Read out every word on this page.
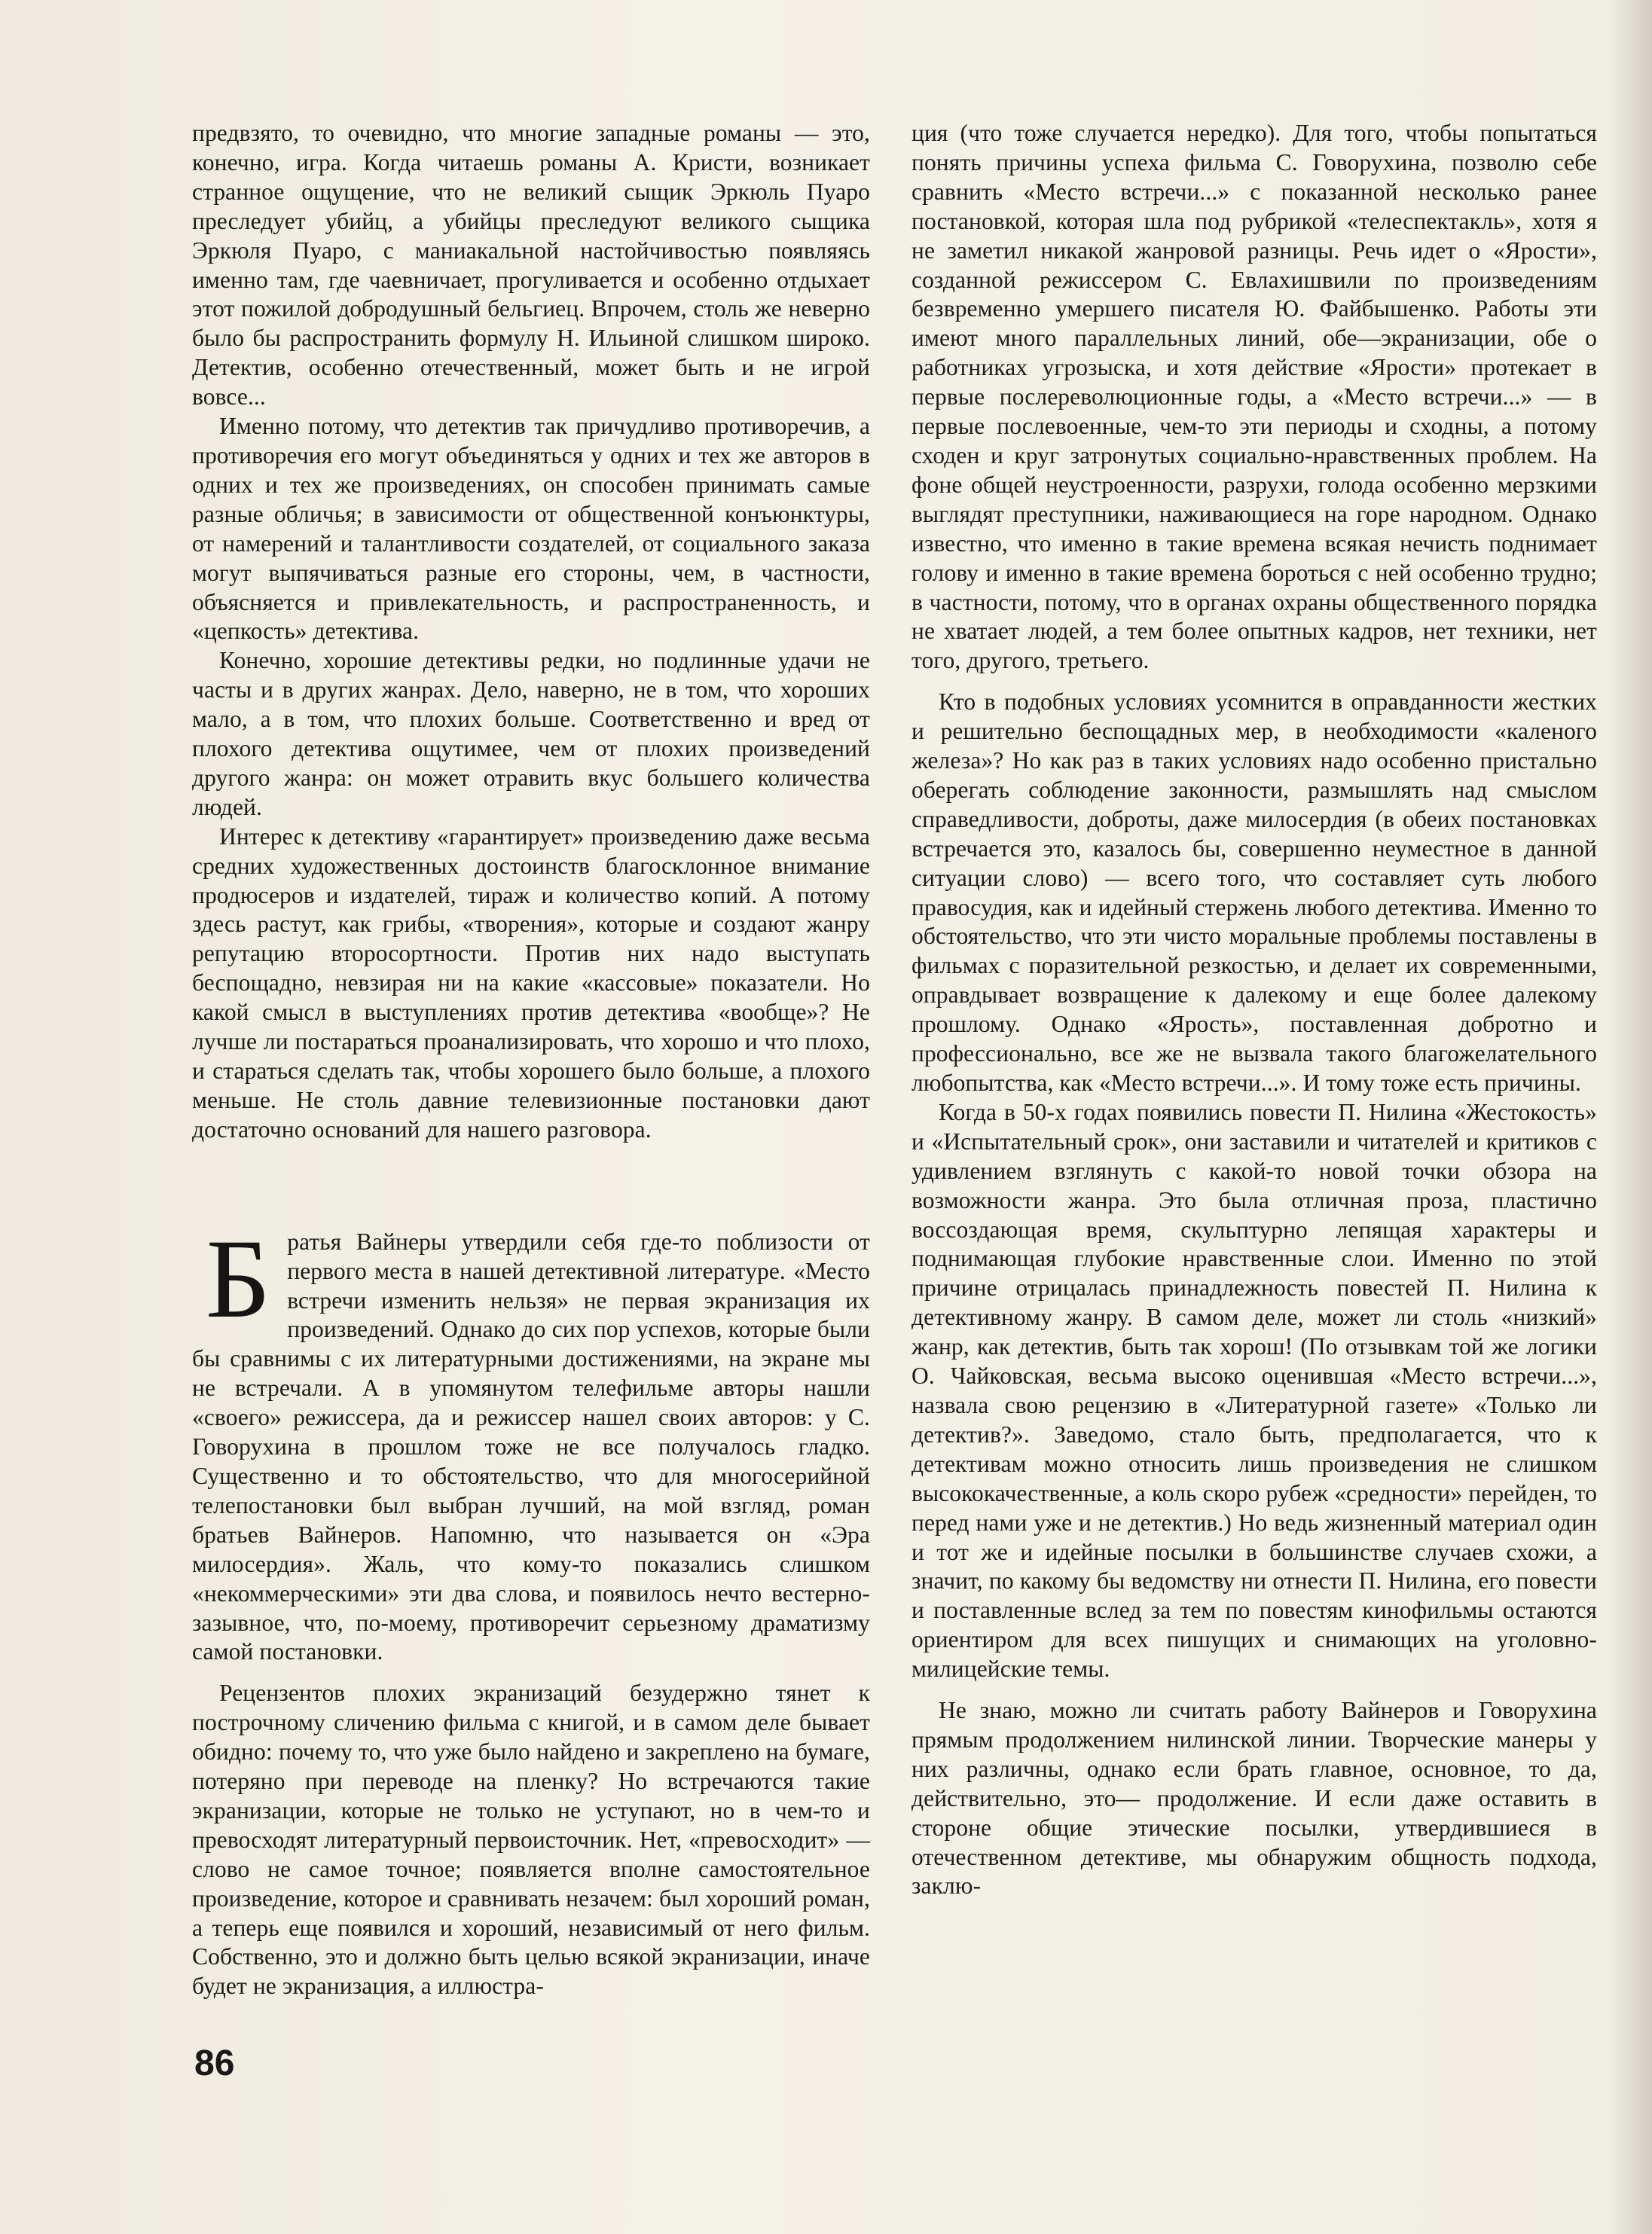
предвзято, то очевидно, что многие западные романы — это, конечно, игра. Когда читаешь романы А. Кристи, возникает странное ощущение, что не великий сыщик Эркюль Пуаро преследует убийц, а убийцы преследуют великого сыщика Эркюля Пуаро, с маниакальной настойчивостью появляясь именно там, где чаевничает, прогуливается и особенно отдыхает этот пожилой добродушный бельгиец. Впрочем, столь же неверно было бы распространить формулу Н. Ильиной слишком широко. Детектив, особенно отечественный, может быть и не игрой вовсе...

Именно потому, что детектив так причудливо противоречив, а противоречия его могут объединяться у одних и тех же авторов в одних и тех же произведениях, он способен принимать самые разные обличья; в зависимости от общественной конъюнктуры, от намерений и талантливости создателей, от социального заказа могут выпячиваться разные его стороны, чем, в частности, объясняется и привлекательность, и распространенность, и «цепкость» детектива.

Конечно, хорошие детективы редки, но подлинные удачи не часты и в других жанрах. Дело, наверно, не в том, что хороших мало, а в том, что плохих больше. Соответственно и вред от плохого детектива ощутимее, чем от плохих произведений другого жанра: он может отравить вкус большего количества людей.

Интерес к детективу «гарантирует» произведению даже весьма средних художественных достоинств благосклонное внимание продюсеров и издателей, тираж и количество копий. А потому здесь растут, как грибы, «творения», которые и создают жанру репутацию второсортности. Против них надо выступать беспощадно, невзирая ни на какие «кассовые» показатели. Но какой смысл в выступлениях против детектива «вообще»? Не лучше ли постараться проанализировать, что хорошо и что плохо, и стараться сделать так, чтобы хорошего было больше, а плохого меньше. Не столь давние телевизионные постановки дают достаточно оснований для нашего разговора.

Братья Вайнеры утвердили себя где-то поблизости от первого места в нашей детективной литературе. «Место встречи изменить нельзя» не первая экранизация их произведений. Однако до сих пор успехов, которые были бы сравнимы с их литературными достижениями, на экране мы не встречали. А в упомянутом телефильме авторы нашли «своего» режиссера, да и режиссер нашел своих авторов: у С. Говорухина в прошлом тоже не все получалось гладко. Существенно и то обстоятельство, что для многосерийной телепостановки был выбран лучший, на мой взгляд, роман братьев Вайнеров. Напомню, что называется он «Эра милосердия». Жаль, что кому-то показались слишком «некоммерческими» эти два слова, и появилось нечто вестерно-зазывное, что, по-моему, противоречит серьезному драматизму самой постановки.

Рецензентов плохих экранизаций безудержно тянет к построчному сличению фильма с книгой, и в самом деле бывает обидно: почему то, что уже было найдено и закреплено на бумаге, потеряно при переводе на пленку? Но встречаются такие экранизации, которые не только не уступают, но в чем-то и превосходят литературный первоисточник. Нет, «превосходит» — слово не самое точное; появляется вполне самостоятельное произведение, которое и сравнивать незачем: был хороший роман, а теперь еще появился и хороший, независимый от него фильм. Собственно, это и должно быть целью всякой экранизации, иначе будет не экранизация, а иллюстра-

ция (что тоже случается нередко). Для того, чтобы попытаться понять причины успеха фильма С. Говорухина, позволю себе сравнить «Место встречи...» с показанной несколько ранее постановкой, которая шла под рубрикой «телеспектакль», хотя я не заметил никакой жанровой разницы. Речь идет о «Ярости», созданной режиссером С. Евлахишвили по произведениям безвременно умершего писателя Ю. Файбышенко. Работы эти имеют много параллельных линий, обе—экранизации, обе о работниках угрозыска, и хотя действие «Ярости» протекает в первые послереволюционные годы, а «Место встречи...» — в первые послевоенные, чем-то эти периоды и сходны, а потому сходен и круг затронутых социально-нравственных проблем. На фоне общей неустроенности, разрухи, голода особенно мерзкими выглядят преступники, наживающиеся на горе народном. Однако известно, что именно в такие времена всякая нечисть поднимает голову и именно в такие времена бороться с ней особенно трудно; в частности, потому, что в органах охраны общественного порядка не хватает людей, а тем более опытных кадров, нет техники, нет того, другого, третьего.

Кто в подобных условиях усомнится в оправданности жестких и решительно беспощадных мер, в необходимости «каленого железа»? Но как раз в таких условиях надо особенно пристально оберегать соблюдение законности, размышлять над смыслом справедливости, доброты, даже милосердия (в обеих постановках встречается это, казалось бы, совершенно неуместное в данной ситуации слово) — всего того, что составляет суть любого правосудия, как и идейный стержень любого детектива. Именно то обстоятельство, что эти чисто моральные проблемы поставлены в фильмах с поразительной резкостью, и делает их современными, оправдывает возвращение к далекому и еще более далекому прошлому. Однако «Ярость», поставленная добротно и профессионально, все же не вызвала такого благожелательного любопытства, как «Место встречи...». И тому тоже есть причины.

Когда в 50-х годах появились повести П. Нилина «Жестокость» и «Испытательный срок», они заставили и читателей и критиков с удивлением взглянуть с какой-то новой точки обзора на возможности жанра. Это была отличная проза, пластично воссоздающая время, скульптурно лепящая характеры и поднимающая глубокие нравственные слои. Именно по этой причине отрицалась принадлежность повестей П. Нилина к детективному жанру. В самом деле, может ли столь «низкий» жанр, как детектив, быть так хорош! (По отзывкам той же логики О. Чайковская, весьма высоко оценившая «Место встречи...», назвала свою рецензию в «Литературной газете» «Только ли детектив?». Заведомо, стало быть, предполагается, что к детективам можно относить лишь произведения не слишком высококачественные, а коль скоро рубеж «средности» перейден, то перед нами уже и не детектив.) Но ведь жизненный материал один и тот же и идейные посылки в большинстве случаев схожи, а значит, по какому бы ведомству ни отнести П. Нилина, его повести и поставленные вслед за тем по повестям кинофильмы остаются ориентиром для всех пишущих и снимающих на уголовно-милицейские темы.

Не знаю, можно ли считать работу Вайнеров и Говорухина прямым продолжением нилинской линии. Творческие манеры у них различны, однако если брать главное, основное, то да, действительно, это— продолжение. И если даже оставить в стороне общие этические посылки, утвердившиеся в отечественном детективе, мы обнаружим общность подхода, заклю-

86
